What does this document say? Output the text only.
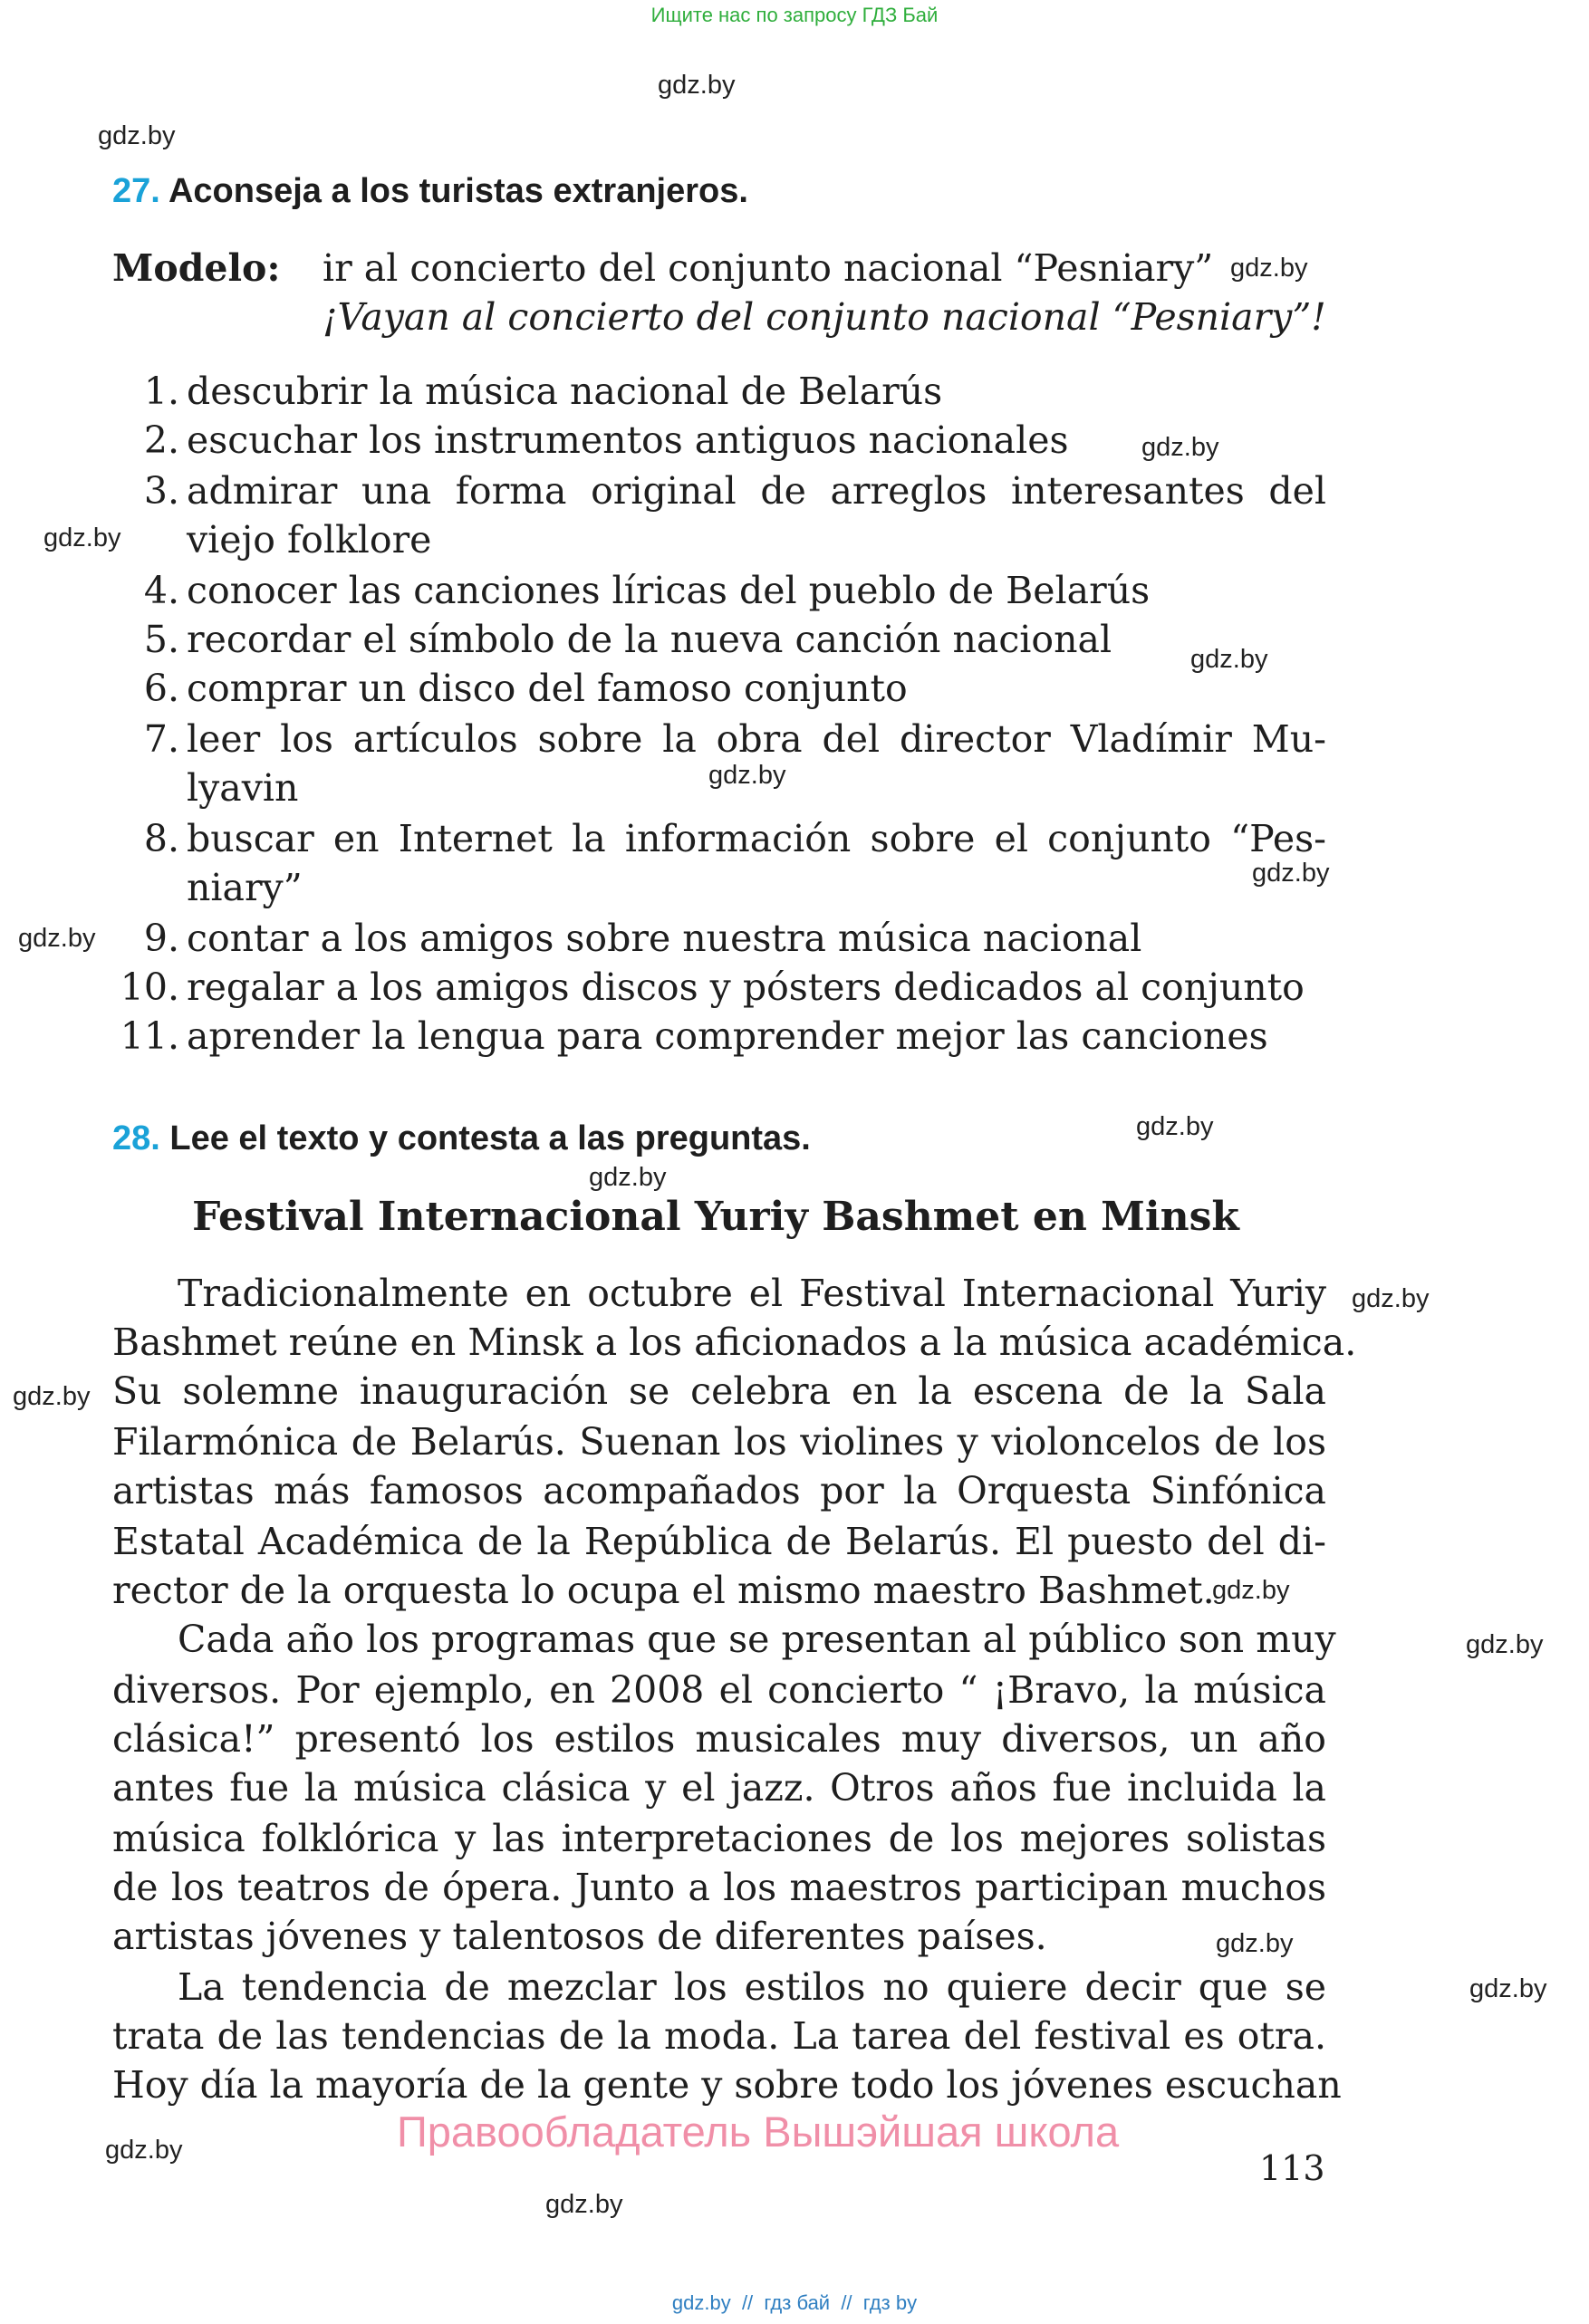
Ищите нас по запросу ГДЗ Бай
gdz.by
gdz.by
gdz.by
gdz.by
gdz.by
gdz.by
gdz.by
gdz.by
gdz.by
gdz.by
gdz.by
gdz.by
gdz.by
gdz.by
gdz.by
gdz.by
gdz.by
gdz.by
gdz.by
27. Aconseja a los turistas extranjeros.
Modelo: ir al concierto del conjunto nacional “Pesniary”
¡Vayan al concierto del conjunto nacional “Pesniary”!
1. descubrir la música nacional de Belarús
2. escuchar los instrumentos antiguos nacionales
3. admirar una forma original de arreglos interesantes del
viejo folklore
4. conocer las canciones líricas del pueblo de Belarús
5. recordar el símbolo de la nueva canción nacional
6. comprar un disco del famoso conjunto
7. leer los artículos sobre la obra del director Vladímir Mu-
lyavin
8. buscar en Internet la información sobre el conjunto “Pes-
niary”
9. contar a los amigos sobre nuestra música nacional
10. regalar a los amigos discos y pósters dedicados al conjunto
11. aprender la lengua para comprender mejor las canciones
28. Lee el texto y contesta a las preguntas.
Festival Internacional Yuriy Bashmet en Minsk
Tradicionalmente en octubre el Festival Internacional Yuriy
Bashmet reúne en Minsk a los aficionados a la música académica.
Su solemne inauguración se celebra en la escena de la Sala
Filarmónica de Belarús. Suenan los violines y violoncelos de los
artistas más famosos acompañados por la Orquesta Sinfónica
Estatal Académica de la República de Belarús. El puesto del di-
rector de la orquesta lo ocupa el mismo maestro Bashmet.
Cada año los programas que se presentan al público son muy
diversos. Por ejemplo, en 2008 el concierto “ ¡Bravo, la música
clásica!” presentó los estilos musicales muy diversos, un año
antes fue la música clásica y el jazz. Otros años fue incluida la
música folklórica y las interpretaciones de los mejores solistas
de los teatros de ópera. Junto a los maestros participan muchos
artistas jóvenes y talentosos de diferentes países.
La tendencia de mezclar los estilos no quiere decir que se
trata de las tendencias de la moda. La tarea del festival es otra.
Hoy día la mayoría de la gente y sobre todo los jóvenes escuchan
Правообладатель Вышэйшая школа
113
gdz.by  //  гдз бай  //  гдз by
